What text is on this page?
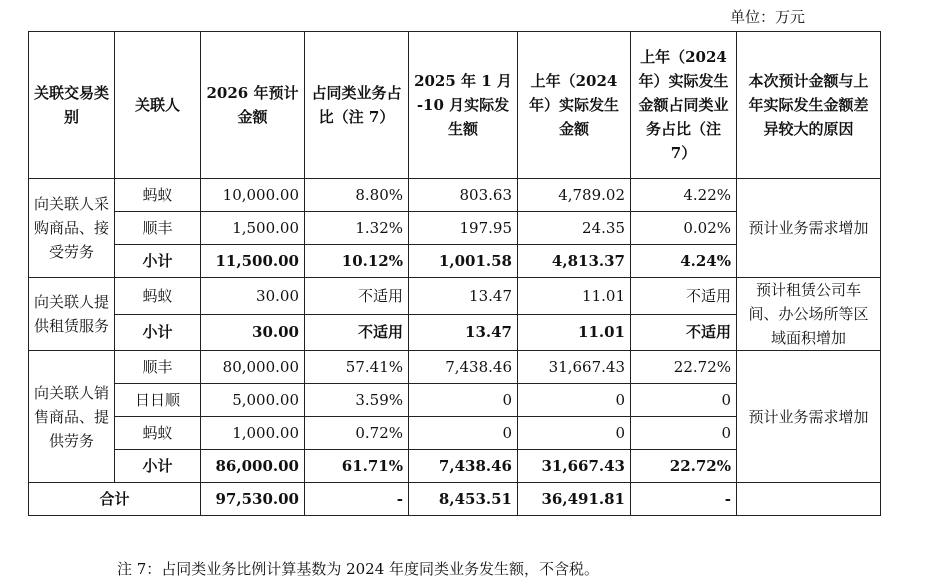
单位：万元
关联交易类别	关联人	2026 年预计金额	占同类业务占比（注 7）	2025 年 1 月 -10 月实际发生额	上年（2024 年）实际发生金额	上年（2024 年）实际发生金额占同类业务占比（注 7）	本次预计金额与上年实际发生金额差异较大的原因
向关联人采购商品、接受劳务	蚂蚁	10,000.00	8.80%	803.63	4,789.02	4.22%	预计业务需求增加
	顺丰	1,500.00	1.32%	197.95	24.35	0.02%	
	小计	11,500.00	10.12%	1,001.58	4,813.37	4.24%	
向关联人提供租赁服务	蚂蚁	30.00	不适用	13.47	11.01	不适用	预计租赁公司车间、办公场所等区域面积增加
	小计	30.00	不适用	13.47	11.01	不适用	
向关联人销售商品、提供劳务	顺丰	80,000.00	57.41%	7,438.46	31,667.43	22.72%	预计业务需求增加
	日日顺	5,000.00	3.59%	0	0	0	
	蚂蚁	1,000.00	0.72%	0	0	0	
	小计	86,000.00	61.71%	7,438.46	31,667.43	22.72%	
合计		97,530.00	-	8,453.51	36,491.81	-	
注 7：占同类业务比例计算基数为 2024 年度同类业务发生额，不含税。
